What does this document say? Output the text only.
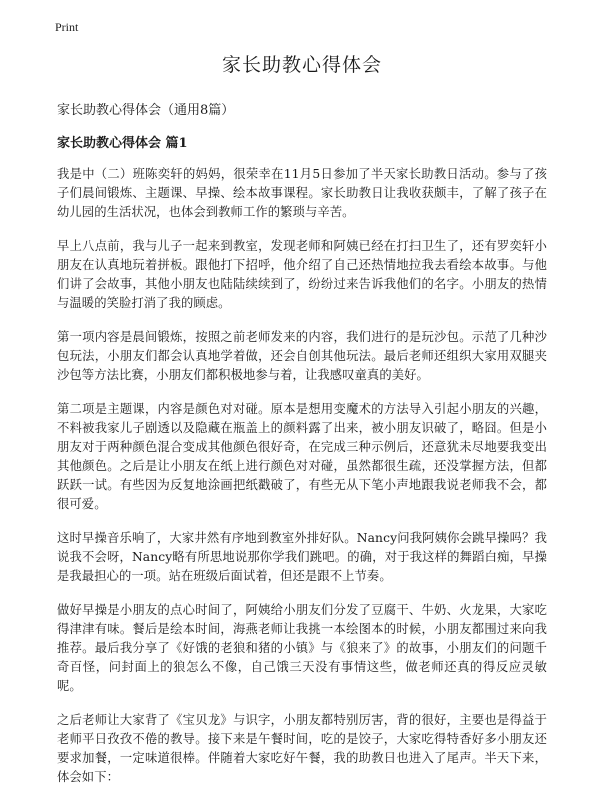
Print
家长助教心得体会

家长助教心得体会（通用8篇）

家长助教心得体会 篇1

我是中（二）班陈奕轩的妈妈，很荣幸在11月5日参加了半天家长助教日活动。参与了孩子们晨间锻炼、主题课、早操、绘本故事课程。家长助教日让我收获颇丰，了解了孩子在幼儿园的生活状况，也体会到教师工作的繁琐与辛苦。

早上八点前，我与儿子一起来到教室，发现老师和阿姨已经在打扫卫生了，还有罗奕轩小朋友在认真地玩着拼板。跟他打下招呼，他介绍了自己还热情地拉我去看绘本故事。与他们讲了会故事，其他小朋友也陆陆续续到了，纷纷过来告诉我他们的名字。小朋友的热情与温暖的笑脸打消了我的顾虑。

第一项内容是晨间锻炼，按照之前老师发来的内容，我们进行的是玩沙包。示范了几种沙包玩法，小朋友们都会认真地学着做，还会自创其他玩法。最后老师还组织大家用双腿夹沙包等方法比赛，小朋友们都积极地参与着，让我感叹童真的美好。

第二项是主题课，内容是颜色对对碰。原本是想用变魔术的方法导入引起小朋友的兴趣，不料被我家儿子剧透以及隐藏在瓶盖上的颜料露了出来，被小朋友识破了，略囧。但是小朋友对于两种颜色混合变成其他颜色很好奇，在完成三种示例后，还意犹未尽地要我变出其他颜色。之后是让小朋友在纸上进行颜色对对碰，虽然都很生疏，还没掌握方法，但都跃跃一试。有些因为反复地涂画把纸戳破了，有些无从下笔小声地跟我说老师我不会，都很可爱。

这时早操音乐响了，大家井然有序地到教室外排好队。Nancy问我阿姨你会跳早操吗？我说我不会呀，Nancy略有所思地说那你学我们跳吧。的确，对于我这样的舞蹈白痴，早操是我最担心的一项。站在班级后面试着，但还是跟不上节奏。

做好早操是小朋友的点心时间了，阿姨给小朋友们分发了豆腐干、牛奶、火龙果，大家吃得津津有味。餐后是绘本时间，海燕老师让我挑一本绘图本的时候，小朋友都围过来向我推荐。最后我分享了《好饿的老狼和猪的小镇》与《狼来了》的故事，小朋友们的问题千奇百怪，问封面上的狼怎么不像，自己饿三天没有事情这些，做老师还真的得反应灵敏呢。

之后老师让大家背了《宝贝龙》与识字，小朋友都特别厉害，背的很好，主要也是得益于老师平日孜孜不倦的教导。接下来是午餐时间，吃的是饺子，大家吃得特香好多小朋友还要求加餐，一定味道很棒。伴随着大家吃好午餐，我的助教日也进入了尾声。半天下来，体会如下：
